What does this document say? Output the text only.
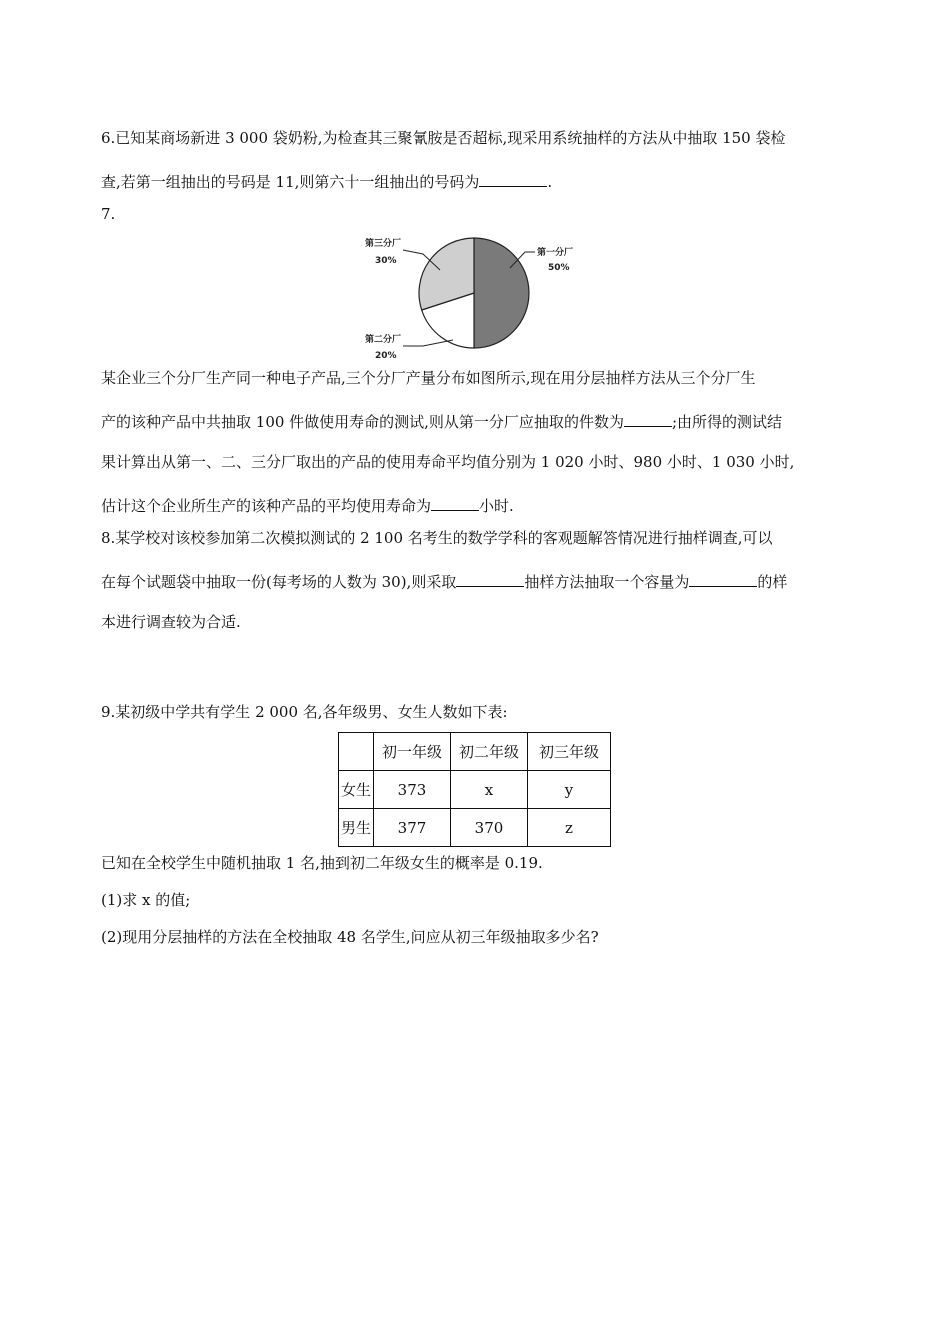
6.已知某商场新进 3 000 袋奶粉,为检查其三聚氰胺是否超标,现采用系统抽样的方法从中抽取 150 袋检
查,若第一组抽出的号码是 11,则第六十一组抽出的号码为	.
7.
第一分厂
50%
第三分厂
30%
第二分厂
20%
某企业三个分厂生产同一种电子产品,三个分厂产量分布如图所示,现在用分层抽样方法从三个分厂生
产的该种产品中共抽取 100 件做使用寿命的测试,则从第一分厂应抽取的件数为	;由所得的测试结
果计算出从第一、二、三分厂取出的产品的使用寿命平均值分别为 1 020 小时、980 小时、1 030 小时,
估计这个企业所生产的该种产品的平均使用寿命为	小时.
8.某学校对该校参加第二次模拟测试的 2 100 名考生的数学学科的客观题解答情况进行抽样调查,可以
在每个试题袋中抽取一份(每考场的人数为 30),则采取	抽样方法抽取一个容量为	的样
本进行调查较为合适.
9.某初级中学共有学生 2 000 名,各年级男、女生人数如下表:
	初一年级	初二年级	初三年级
女生	373	x	y
男生	377	370	z
已知在全校学生中随机抽取 1 名,抽到初二年级女生的概率是 0.19.
(1)求 x 的值;
(2)现用分层抽样的方法在全校抽取 48 名学生,问应从初三年级抽取多少名?
